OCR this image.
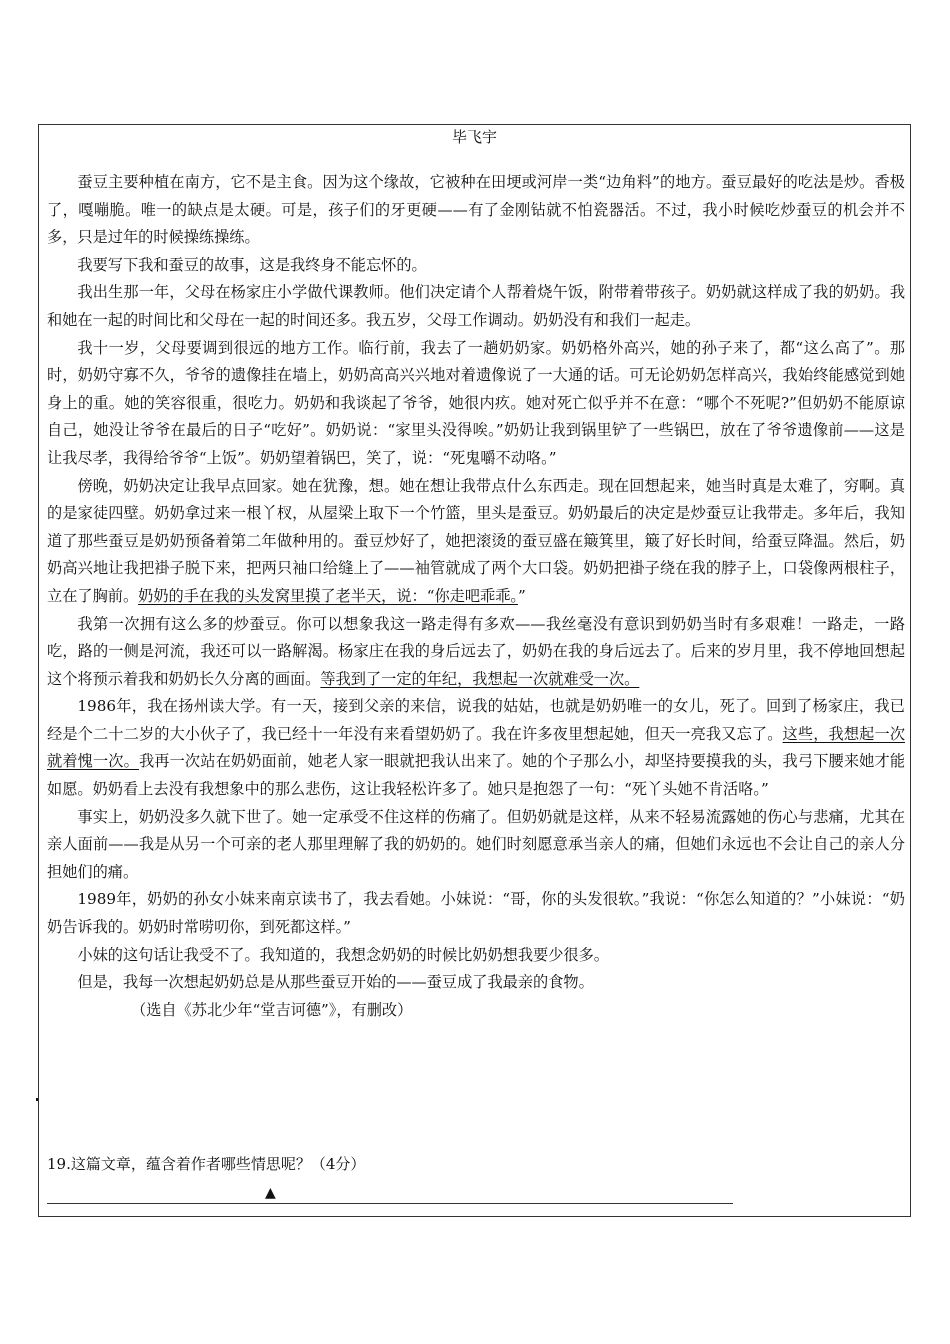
毕飞宇

蚕豆主要种植在南方，它不是主食。因为这个缘故，它被种在田埂或河岸一类“边角料”的地方。蚕豆最好的吃法是炒。香极了，嘎嘣脆。唯一的缺点是太硬。可是，孩子们的牙更硬——有了金刚钻就不怕瓷器活。不过，我小时候吃炒蚕豆的机会并不多，只是过年的时候操练操练。

我要写下我和蚕豆的故事，这是我终身不能忘怀的。

我出生那一年，父母在杨家庄小学做代课教师。他们决定请个人帮着烧午饭，附带着带孩子。奶奶就这样成了我的奶奶。我和她在一起的时间比和父母在一起的时间还多。我五岁，父母工作调动。奶奶没有和我们一起走。

我十一岁，父母要调到很远的地方工作。临行前，我去了一趟奶奶家。奶奶格外高兴，她的孙子来了，都“这么高了”。那时，奶奶守寡不久，爷爷的遗像挂在墙上，奶奶高高兴兴地对着遗像说了一大通的话。可无论奶奶怎样高兴，我始终能感觉到她身上的重。她的笑容很重，很吃力。奶奶和我谈起了爷爷，她很内疚。她对死亡似乎并不在意：“哪个不死呢?”但奶奶不能原谅自己，她没让爷爷在最后的日子“吃好”。奶奶说：“家里头没得唉。”奶奶让我到锅里铲了一些锅巴，放在了爷爷遗像前——这是让我尽孝，我得给爷爷“上饭”。奶奶望着锅巴，笑了，说：“死鬼嚼不动咯。”

傍晚，奶奶决定让我早点回家。她在犹豫，想。她在想让我带点什么东西走。现在回想起来，她当时真是太难了，穷啊。真的是家徒四壁。奶奶拿过来一根丫杈，从屋梁上取下一个竹篮，里头是蚕豆。奶奶最后的决定是炒蚕豆让我带走。多年后，我知道了那些蚕豆是奶奶预备着第二年做种用的。蚕豆炒好了，她把滚烫的蚕豆盛在簸箕里，簸了好长时间，给蚕豆降温。然后，奶奶高兴地让我把褂子脱下来，把两只袖口给缝上了——袖管就成了两个大口袋。奶奶把褂子绕在我的脖子上，口袋像两根柱子，立在了胸前。奶奶的手在我的头发窝里摸了老半天，说：“你走吧乖乖。”

我第一次拥有这么多的炒蚕豆。你可以想象我这一路走得有多欢——我丝毫没有意识到奶奶当时有多艰难！一路走，一路吃，路的一侧是河流，我还可以一路解渴。杨家庄在我的身后远去了，奶奶在我的身后远去了。后来的岁月里，我不停地回想起这个将预示着我和奶奶长久分离的画面。等我到了一定的年纪，我想起一次就难受一次。

1986年，我在扬州读大学。有一天，接到父亲的来信，说我的姑姑，也就是奶奶唯一的女儿，死了。回到了杨家庄，我已经是个二十二岁的大小伙子了，我已经十一年没有来看望奶奶了。我在许多夜里想起她，但天一亮我又忘了。这些，我想起一次就着愧一次。我再一次站在奶奶面前，她老人家一眼就把我认出来了。她的个子那么小，却坚持要摸我的头，我弓下腰来她才能如愿。奶奶看上去没有我想象中的那么悲伤，这让我轻松许多了。她只是抱怨了一句：“死丫头她不肯活咯。”

事实上，奶奶没多久就下世了。她一定承受不住这样的伤痛了。但奶奶就是这样，从来不轻易流露她的伤心与悲痛，尤其在亲人面前——我是从另一个可亲的老人那里理解了我的奶奶的。她们时刻愿意承当亲人的痛，但她们永远也不会让自己的亲人分担她们的痛。

1989年，奶奶的孙女小妹来南京读书了，我去看她。小妹说：“哥，你的头发很软。”我说：“你怎么知道的？”小妹说：“奶奶告诉我的。奶奶时常唠叨你，到死都这样。”

小妹的这句话让我受不了。我知道的，我想念奶奶的时候比奶奶想我要少很多。

但是，我每一次想起奶奶总是从那些蚕豆开始的——蚕豆成了我最亲的食物。

（选自《苏北少年“堂吉诃德”》，有删改）
19.这篇文章，蕴含着作者哪些情思呢？（4分）
▲
